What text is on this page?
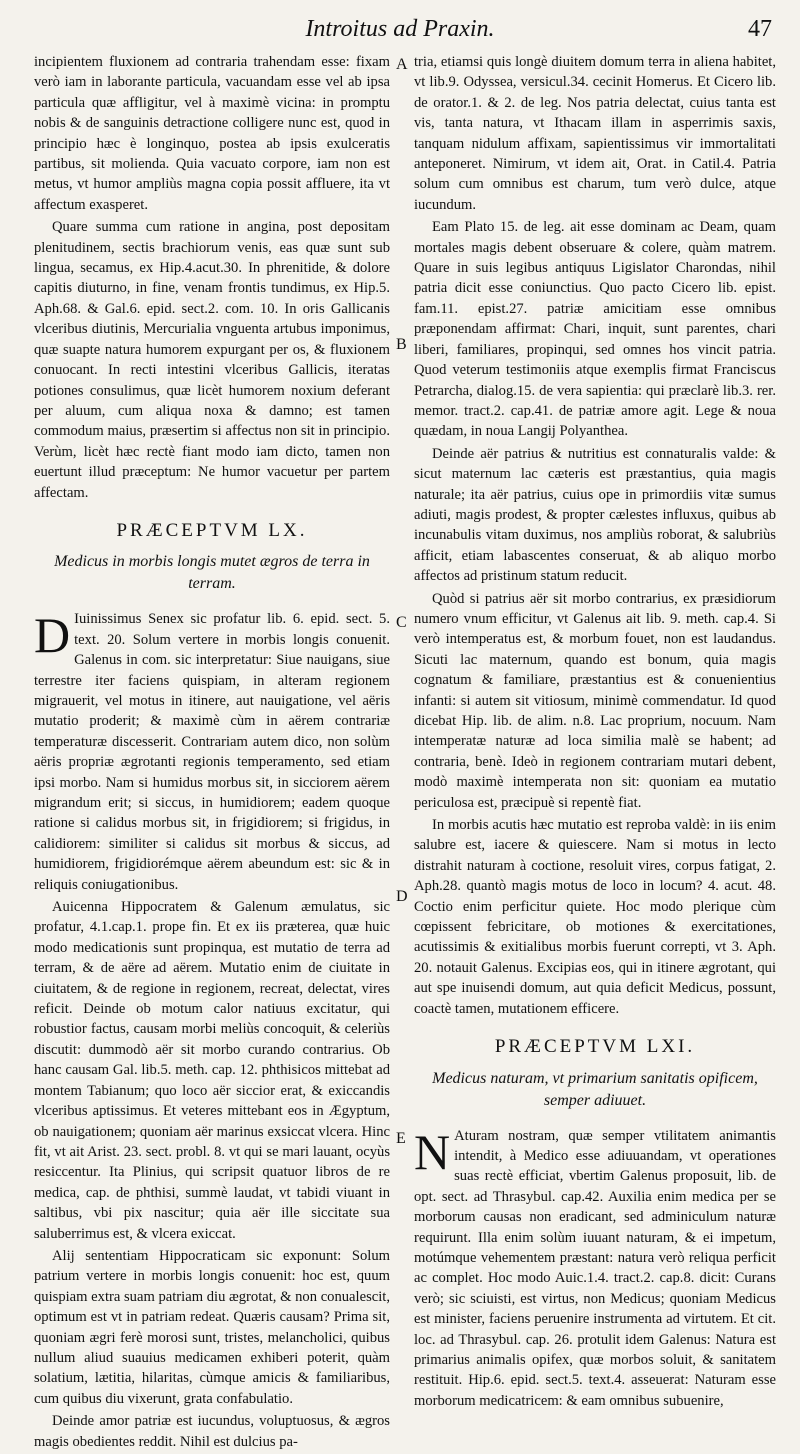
Introitus ad Praxin.	47
A
B
C
D
E

incipientem fluxionem ad contraria trahendam esse: fixam verò iam in laborante particula, vacuandam esse vel ab ipsa particula quæ affligitur, vel à maximè vicina: in promptu nobis & de sanguinis detractione colligere nunc est, quod in principio hæc è longinquo, postea ab ipsis exulceratis partibus, sit molienda. Quia vacuato corpore, iam non est metus, vt humor ampliùs magna copia possit affluere, ita vt affectum exasperet.

Quare summa cum ratione in angina, post depositam plenitudinem, sectis brachiorum venis, eas quæ sunt sub lingua, secamus, ex Hip.4.acut.30. In phrenitide, & dolore capitis diuturno, in fine, venam frontis tundimus, ex Hip.5. Aph.68. & Gal.6. epid. sect.2. com. 10. In oris Gallicanis vlceribus diutinis, Mercurialia vnguenta artubus imponimus, quæ suapte natura humorem expurgant per os, & fluxionem conuocant. In recti intestini vlceribus Gallicis, iteratas potiones consulimus, quæ licèt humorem noxium deferant per aluum, cum aliqua noxa & damno; est tamen commodum maius, præsertim si affectus non sit in principio. Verùm, licèt hæc rectè fiant modo iam dicto, tamen non euertunt illud præceptum: Ne humor vacuetur per partem affectam.

PRÆCEPTVM LX.
Medicus in morbis longis mutet ægros de terra in terram.

D Iuinissimus Senex sic profatur lib. 6. epid. sect. 5. text. 20. Solum vertere in morbis longis conuenit. Galenus in com. sic interpretatur: Siue nauigans, siue terrestre iter faciens quispiam, in alteram regionem migrauerit, vel motus in itinere, aut nauigatione, vel aëris mutatio proderit; & maximè cùm in aërem contrariæ temperaturæ discesserit. Contrariam autem dico, non solùm aëris propriæ ægrotanti regionis temperamento, sed etiam ipsi morbo. Nam si humidus morbus sit, in sicciorem aërem migrandum erit; si siccus, in humidiorem; eadem quoque ratione si calidus morbus sit, in frigidiorem; si frigidus, in calidiorem: similiter si calidus sit morbus & siccus, ad humidiorem, frigidiorémque aërem abeundum est: sic & in reliquis coniugationibus.

Auicenna Hippocratem & Galenum æmulatus, sic profatur, 4.1.cap.1. prope fin. Et ex iis præterea, quæ huic modo medicationis sunt propinqua, est mutatio de terra ad terram, & de aëre ad aërem. Mutatio enim de ciuitate in ciuitatem, & de regione in regionem, recreat, delectat, vires reficit. Deinde ob motum calor natiuus excitatur, qui robustior factus, causam morbi meliùs concoquit, & celeriùs discutit: dummodò aër sit morbo curando contrarius. Ob hanc causam Gal. lib.5. meth. cap. 12. phthisicos mittebat ad montem Tabianum; quo loco aër siccior erat, & exiccandis vlceribus aptissimus. Et veteres mittebant eos in Ægyptum, ob nauigationem; quoniam aër marinus exsiccat vlcera. Hinc fit, vt ait Arist. 23. sect. probl. 8. vt qui se mari lauant, ocyùs resiccentur. Ita Plinius, qui scripsit quatuor libros de re medica, cap. de phthisi, summè laudat, vt tabidi viuant in saltibus, vbi pix nascitur; quia aër ille siccitate sua saluberrimus est, & vlcera exiccat.

Alij sententiam Hippocraticam sic exponunt: Solum patrium vertere in morbis longis conuenit: hoc est, quum quispiam extra suam patriam diu ægrotat, & non conualescit, optimum est vt in patriam redeat. Quæris causam? Prima sit, quoniam ægri ferè morosi sunt, tristes, melancholici, quibus nullum aliud suauius medicamen exhiberi poterit, quàm solatium, lætitia, hilaritas, cùmque amicis & familiaribus, cum quibus diu vixerunt, grata confabulatio.

Deinde amor patriæ est iucundus, voluptuosus, & ægros magis obedientes reddit. Nihil est dulcius pa-

tria, etiamsi quis longè diuitem domum terra in aliena habitet, vt lib.9. Odyssea, versicul.34. cecinit Homerus. Et Cicero lib. de orator.1. & 2. de leg. Nos patria delectat, cuius tanta est vis, tanta natura, vt Ithacam illam in asperrimis saxis, tanquam nidulum affixam, sapientissimus vir immortalitati anteponeret. Nimirum, vt idem ait, Orat. in Catil.4. Patria solum cum omnibus est charum, tum verò dulce, atque iucundum.

Eam Plato 15. de leg. ait esse dominam ac Deam, quam mortales magis debent obseruare & colere, quàm matrem. Quare in suis legibus antiquus Ligislator Charondas, nihil patria dicit esse coniunctius. Quo pacto Cicero lib. epist. fam.11. epist.27. patriæ amicitiam esse omnibus præponendam affirmat: Chari, inquit, sunt parentes, chari liberi, familiares, propinqui, sed omnes hos vincit patria. Quod veterum testimoniis atque exemplis firmat Franciscus Petrarcha, dialog.15. de vera sapientia: qui præclarè lib.3. rer. memor. tract.2. cap.41. de patriæ amore agit. Lege & noua quædam, in noua Langij Polyanthea.

Deinde aër patrius & nutritius est connaturalis valde: & sicut maternum lac cæteris est præstantius, quia magis naturale; ita aër patrius, cuius ope in primordiis vitæ sumus adiuti, magis prodest, & propter cælestes influxus, quibus ab incunabulis vitam duximus, nos ampliùs roborat, & salubriùs afficit, etiam labascentes conseruat, & ab aliquo morbo affectos ad pristinum statum reducit.

Quòd si patrius aër sit morbo contrarius, ex præsidiorum numero vnum efficitur, vt Galenus ait lib. 9. meth. cap.4. Si verò intemperatus est, & morbum fouet, non est laudandus. Sicuti lac maternum, quando est bonum, quia magis cognatum & familiare, præstantius est & conuenientius infanti: si autem sit vitiosum, minimè commendatur. Id quod dicebat Hip. lib. de alim. n.8. Lac proprium, nocuum. Nam intemperatæ naturæ ad loca similia malè se habent; ad contraria, benè. Ideò in regionem contrariam mutari debent, modò maximè intemperata non sit: quoniam ea mutatio periculosa est, præcipuè si repentè fiat.

In morbis acutis hæc mutatio est reproba valdè: in iis enim salubre est, iacere & quiescere. Nam si motus in lecto distrahit naturam à coctione, resoluit vires, corpus fatigat, 2. Aph.28. quantò magis motus de loco in locum? 4. acut. 48. Coctio enim perficitur quiete. Hoc modo plerique cùm cœpissent febricitare, ob motiones & exercitationes, acutissimis & exitialibus morbis fuerunt correpti, vt 3. Aph. 20. notauit Galenus. Excipias eos, qui in itinere ægrotant, qui aut spe inuisendi domum, aut quia deficit Medicus, possunt, coactè tamen, mutationem efficere.

PRÆCEPTVM LXI.
Medicus naturam, vt primarium sanitatis opificem, semper adiuuet.

N Aturam nostram, quæ semper vtilitatem animantis intendit, à Medico esse adiuuandam, vt operationes suas rectè efficiat, vbertim Galenus proposuit, lib. de opt. sect. ad Thrasybul. cap.42. Auxilia enim medica per se morborum causas non eradicant, sed adminiculum naturæ requirunt. Illa enim solùm iuuant naturam, & ei impetum, motúmque vehementem præstant: natura verò reliqua perficit ac complet. Hoc modo Auic.1.4. tract.2. cap.8. dicit: Curans verò; sic sciuisti, est virtus, non Medicus; quoniam Medicus est minister, faciens peruenire instrumenta ad virtutem. Et cit. loc. ad Thrasybul. cap. 26. protulit idem Galenus: Natura est primarius animalis opifex, quæ morbos soluit, & sanitatem restituit. Hip.6. epid. sect.5. text.4. asseuerat: Naturam esse morborum medicatricem: & eam omnibus subuenire,
